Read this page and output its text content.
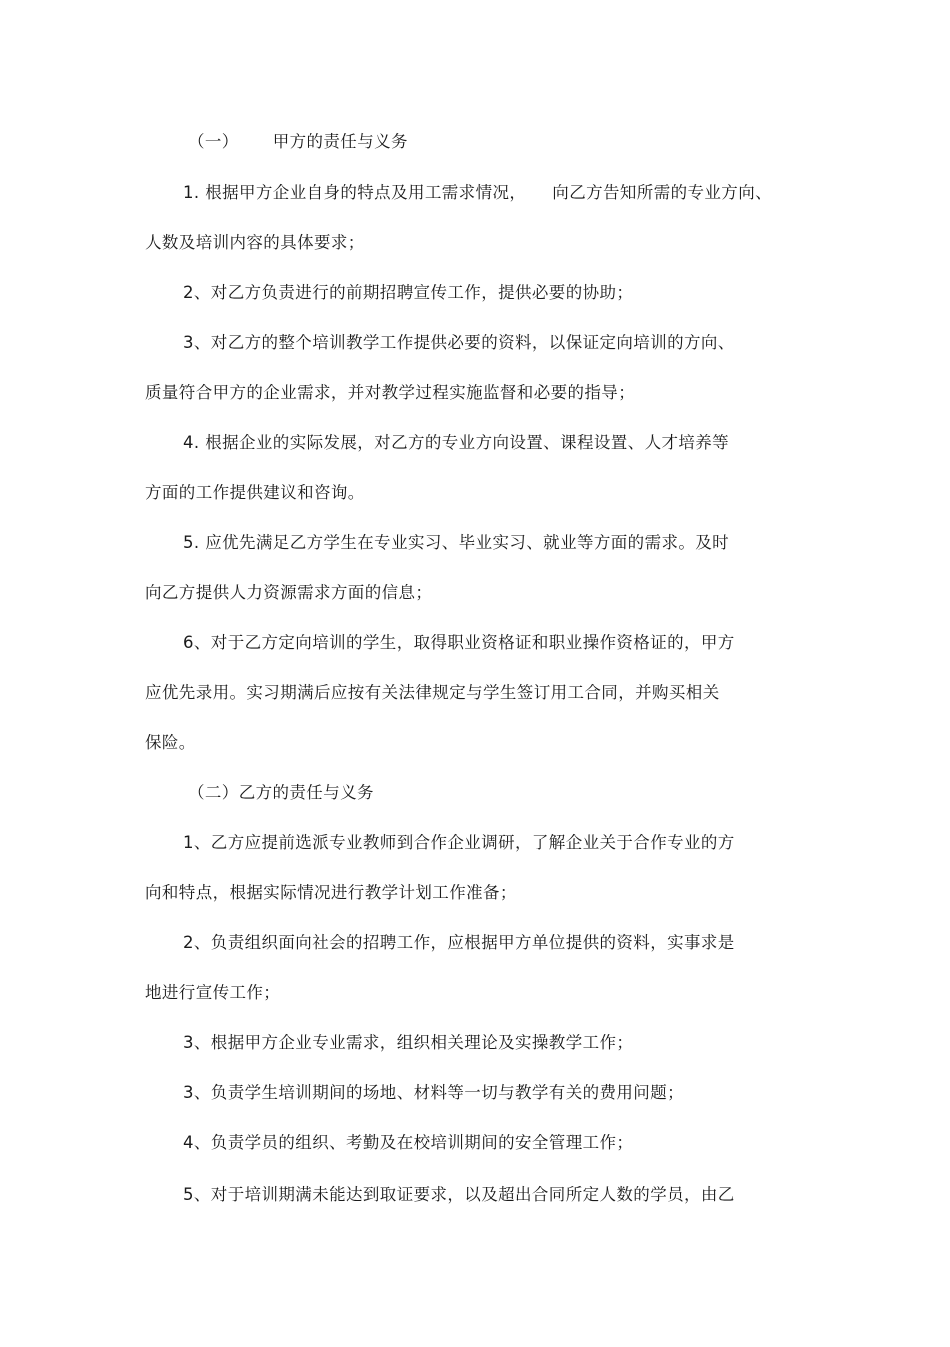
（一） 甲方的责任与义务
1. 根据甲方企业自身的特点及用工需求情况， 向乙方告知所需的专业方向、
人数及培训内容的具体要求；
2、对乙方负责进行的前期招聘宣传工作，提供必要的协助；
3、对乙方的整个培训教学工作提供必要的资料，以保证定向培训的方向、
质量符合甲方的企业需求，并对教学过程实施监督和必要的指导；
4. 根据企业的实际发展，对乙方的专业方向设置、课程设置、人才培养等
方面的工作提供建议和咨询。
5. 应优先满足乙方学生在专业实习、毕业实习、就业等方面的需求。及时
向乙方提供人力资源需求方面的信息；
6、对于乙方定向培训的学生，取得职业资格证和职业操作资格证的，甲方
应优先录用。实习期满后应按有关法律规定与学生签订用工合同，并购买相关
保险。
（二）乙方的责任与义务
1、乙方应提前选派专业教师到合作企业调研，了解企业关于合作专业的方
向和特点，根据实际情况进行教学计划工作准备；
2、负责组织面向社会的招聘工作，应根据甲方单位提供的资料，实事求是
地进行宣传工作；
3、根据甲方企业专业需求，组织相关理论及实操教学工作；
3、负责学生培训期间的场地、材料等一切与教学有关的费用问题；
4、负责学员的组织、考勤及在校培训期间的安全管理工作；
5、对于培训期满未能达到取证要求，以及超出合同所定人数的学员，由乙
